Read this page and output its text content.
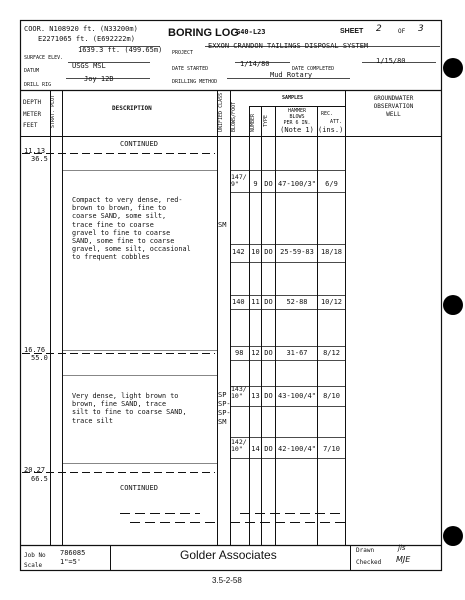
COOR. N108920 ft. (N33200m)
E2271065 ft. (E692222m)	BORING LOG
G40-L23	SHEET 2	OF 3
SURFACE ELEV.
1639.3 ft. (499.65m) PROJECT
EXXON CRANDON TAILINGS DISPOSAL SYSTEM
DATUM
USGS MSL	DATE STARTED
1/14/80
DATE COMPLETED
1/15/80
DRILL RIG
Joy 12B	DRILLING METHOD
Mud Rotary
DEPTH
METER
FEET	STRAT. PLOT	DESCRIPTION	UNIFIED CLASS BLOWS/FOOT
SAMPLES
NUMBER TYPE
HAMMER
BLOWS
PER 6 IN.
(Note 1)
REC.
ATT.
(ins.)
GROUNDWATER
OBSERVATION
WELL
CONTINUED
11.13
36.5
16.76
55.0
20.27
66.5
Compact to very dense, red-
brown to brown, fine to
coarse SAND, some silt,
trace fine to coarse
gravel to fine to coarse
SAND, some fine to coarse
gravel, some silt, occasional
to frequent cobbles
Very dense, light brown to
brown, fine SAND, trace
silt to fine to coarse SAND,
trace silt
SM
SP
SP-
SP-
SM
147/9"	9 DO 47-100/3"	6/9
142 10 DO	25-59-83	18/18
140 11 DO	52-88	10/12
98 12 DO	31-67	8/12
143/10"	13 DO 43-100/4"	8/10
142/10"	14 DO 42-100/4"	7/10
CONTINUED
Job No 786085
Scale	1"=5'	Golder Associates	Drawn	jls
Checked MJE
3.5-2-58
